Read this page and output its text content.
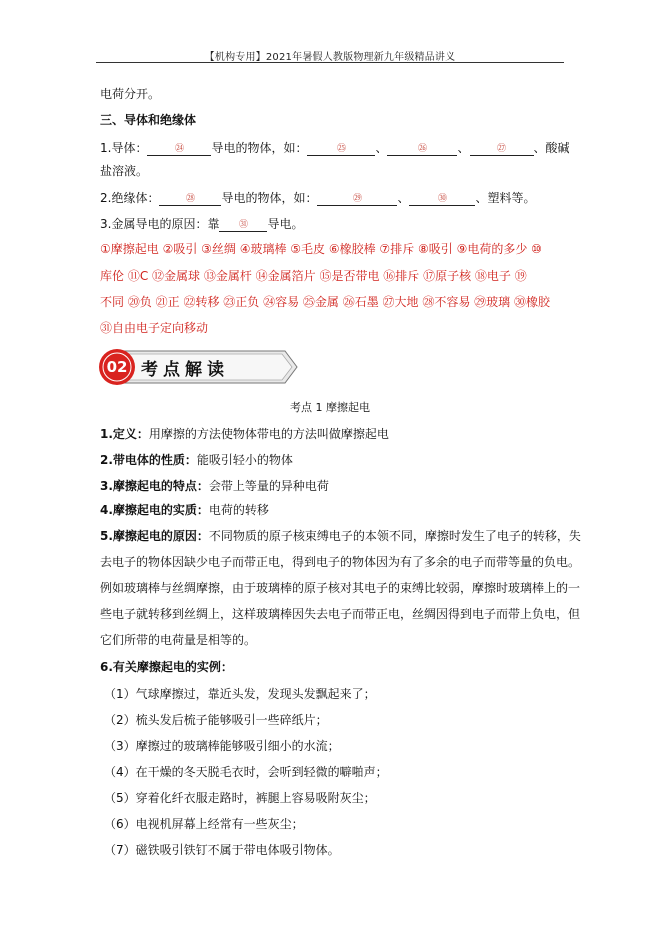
【机构专用】2021年暑假人教版物理新九年级精品讲义
电荷分开。
三、导体和绝缘体
1.导体：	㉔ 导电的物体，如：	㉕ 、	㉖	、	㉗ 、酸碱
盐溶液。
2.绝缘体：	㉘ 导电的物体，如：	㉙	、	㉚ 、塑料等。
3.金属导电的原因：靠 ㉛ 导电。
①摩擦起电 ②吸引 ③丝绸 ④玻璃棒 ⑤毛皮 ⑥橡胶棒 ⑦排斥 ⑧吸引 ⑨电荷的多少 ⑩
库伦 ⑪C ⑫金属球 ⑬金属杆 ⑭金属箔片 ⑮是否带电 ⑯排斥 ⑰原子核 ⑱电子 ⑲
不同 ⑳负 ㉑正 ㉒转移 ㉓正负 ㉔容易 ㉕金属 ㉖石墨 ㉗大地 ㉘不容易 ㉙玻璃 ㉚橡胶
㉛自由电子定向移动
02 考点解读
考点 1 摩擦起电
1.定义：用摩擦的方法使物体带电的方法叫做摩擦起电
2.带电体的性质：能吸引轻小的物体
3.摩擦起电的特点：会带上等量的异种电荷
4.摩擦起电的实质：电荷的转移
5.摩擦起电的原因：不同物质的原子核束缚电子的本领不同，摩擦时发生了电子的转移，失
去电子的物体因缺少电子而带正电，得到电子的物体因为有了多余的电子而带等量的负电。
例如玻璃棒与丝绸摩擦，由于玻璃棒的原子核对其电子的束缚比较弱，摩擦时玻璃棒上的一
些电子就转移到丝绸上，这样玻璃棒因失去电子而带正电，丝绸因得到电子而带上负电，但
它们所带的电荷量是相等的。
6.有关摩擦起电的实例：
（1）气球摩擦过，靠近头发，发现头发飘起来了；
（2）梳头发后梳子能够吸引一些碎纸片；
（3）摩擦过的玻璃棒能够吸引细小的水流；
（4）在干燥的冬天脱毛衣时，会听到轻微的噼啪声；
（5）穿着化纤衣服走路时，裤腿上容易吸附灰尘；
（6）电视机屏幕上经常有一些灰尘；
（7）磁铁吸引铁钉不属于带电体吸引物体。
